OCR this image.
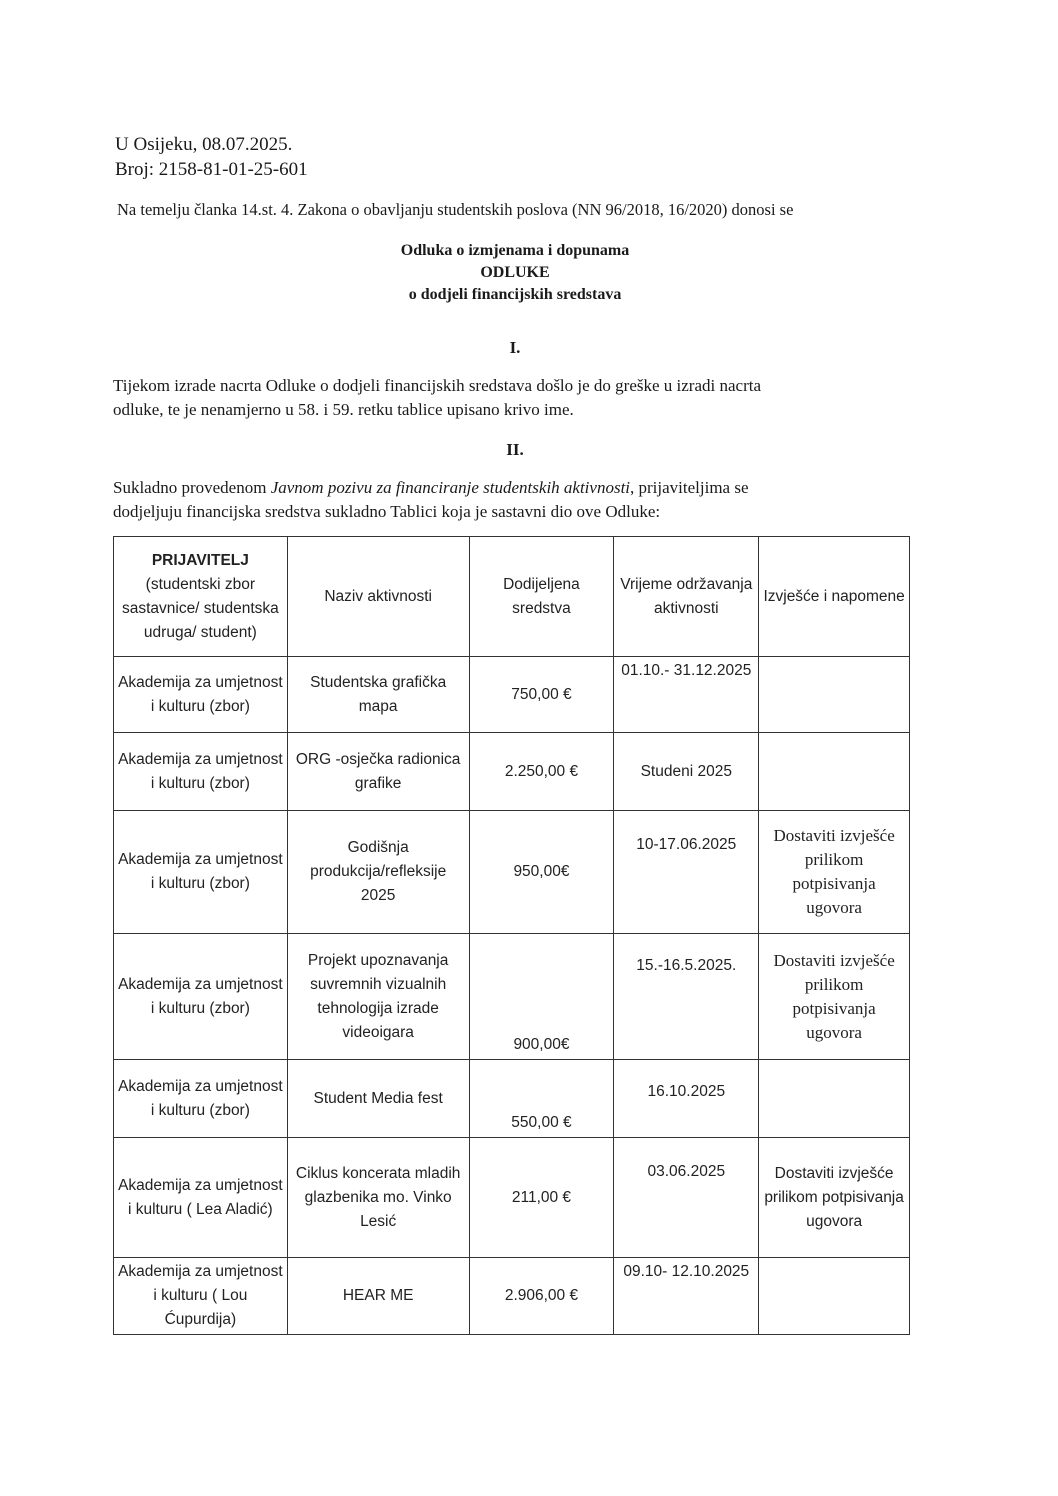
U Osijeku, 08.07.2025.
Broj: 2158-81-01-25-601
Na temelju članka 14.st. 4. Zakona o obavljanju studentskih poslova (NN 96/2018, 16/2020) donosi se
Odluka o izmjenama i dopunama
ODLUKE
o dodjeli financijskih sredstava
I.
Tijekom izrade nacrta Odluke o dodjeli financijskih sredstava došlo je do greške u izradi nacrta
odluke, te je nenamjerno u 58. i 59. retku tablice upisano krivo ime.
II.
Sukladno provedenom Javnom pozivu za financiranje studentskih aktivnosti, prijaviteljima se
dodjeljuju financijska sredstva sukladno Tablici koja je sastavni dio ove Odluke:
PRIJAVITELJ
(studentski zbor sastavnice/ studentska udruga/ student)	Naziv aktivnosti	Dodijeljena sredstva	Vrijeme održavanja aktivnosti	Izvješće i napomene
Akademija za umjetnost i kulturu (zbor)	Studentska grafička mapa	750,00 €	01.10.- 31.12.2025	
Akademija za umjetnost i kulturu (zbor)	ORG -osječka radionica grafike	2.250,00 €	Studeni 2025	
Akademija za umjetnost i kulturu (zbor)	Godišnja produkcija/refleksije 2025	950,00€	10-17.06.2025	Dostaviti izvješće prilikom potpisivanja ugovora
Akademija za umjetnost i kulturu (zbor)	Projekt upoznavanja suvremnih vizualnih tehnologija izrade videoigara	900,00€	15.-16.5.2025.	Dostaviti izvješće prilikom potpisivanja ugovora
Akademija za umjetnost i kulturu (zbor)	Student Media fest	550,00 €	16.10.2025	
Akademija za umjetnost i kulturu ( Lea Aladić)	Ciklus koncerata mladih glazbenika mo. Vinko Lesić	211,00 €	03.06.2025	Dostaviti izvješće prilikom potpisivanja ugovora
Akademija za umjetnost i kulturu ( Lou Ćupurdija)	HEAR ME	2.906,00 €	09.10- 12.10.2025	
